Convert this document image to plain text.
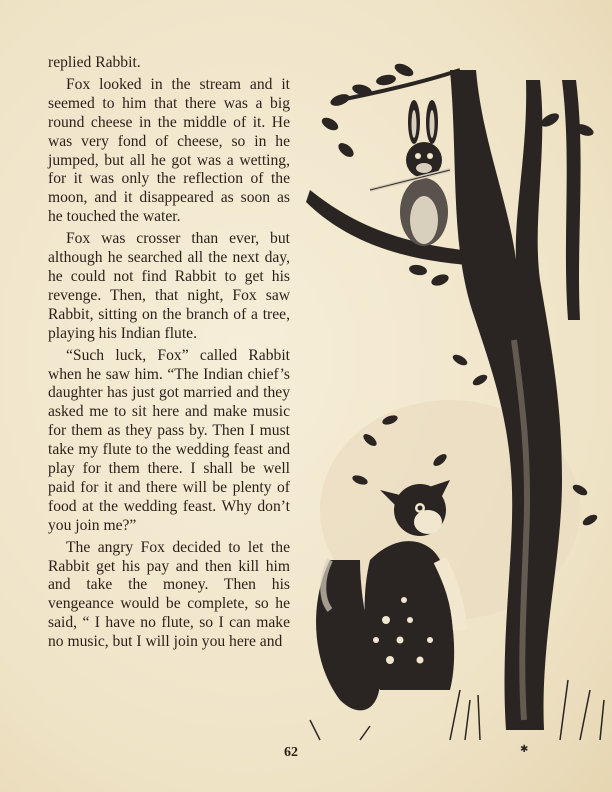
replied Rabbit.

Fox looked in the stream and it seemed to him that there was a big round cheese in the middle of it. He was very fond of cheese, so in he jumped, but all he got was a wetting, for it was only the reflection of the moon, and it disappeared as soon as he touched the water.

Fox was crosser than ever, but although he searched all the next day, he could not find Rabbit to get his revenge. Then, that night, Fox saw Rabbit, sitting on the branch of a tree, playing his Indian flute.

“Such luck, Fox” called Rabbit when he saw him. “The Indian chief’s daughter has just got married and they asked me to sit here and make music for them as they pass by. Then I must take my flute to the wedding feast and play for them there. I shall be well paid for it and there will be plenty of food at the wedding feast. Why don’t you join me?”

The angry Fox decided to let the Rabbit get his pay and then kill him and take the money. Then his vengeance would be complete, so he said, “ I have no flute, so I can make no music, but I will join you here and

✱
62
